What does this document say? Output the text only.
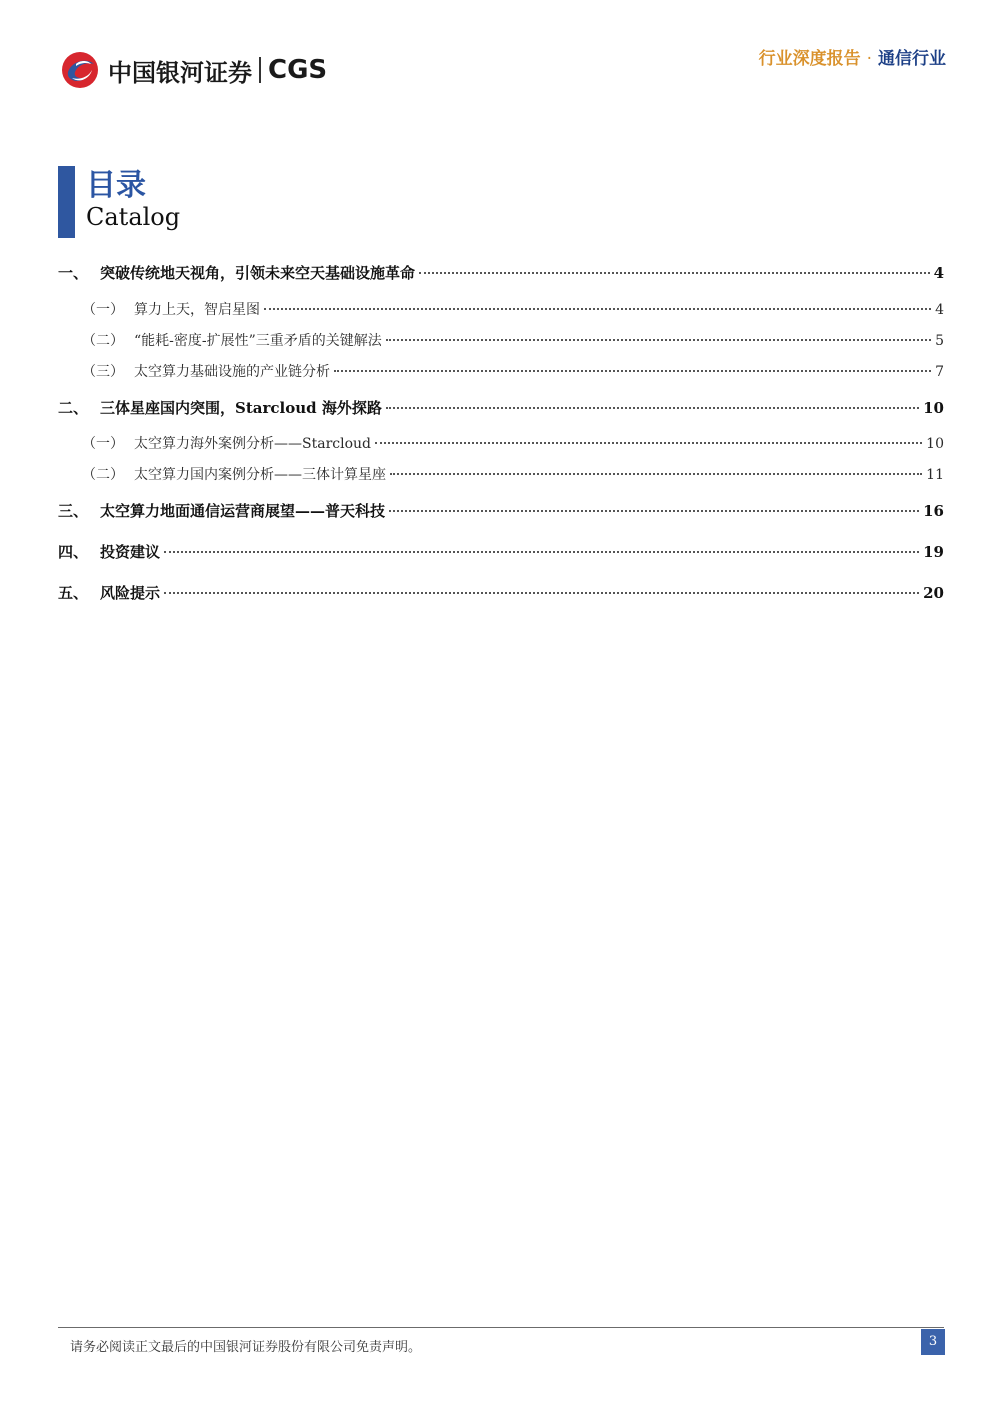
中国银河证券 CGS	行业深度报告 · 通信行业
目录
Catalog
一、 突破传统地天视角，引领未来空天基础设施革命	4
（一） 算力上天，智启星图	4
（二） “能耗-密度-扩展性”三重矛盾的关键解法	5
（三） 太空算力基础设施的产业链分析	7
二、 三体星座国内突围，Starcloud 海外探路	10
（一） 太空算力海外案例分析——Starcloud	10
（二） 太空算力国内案例分析——三体计算星座	11
三、 太空算力地面通信运营商展望——普天科技	16
四、 投资建议	19
五、 风险提示	20
请务必阅读正文最后的中国银河证券股份有限公司免责声明。	3
